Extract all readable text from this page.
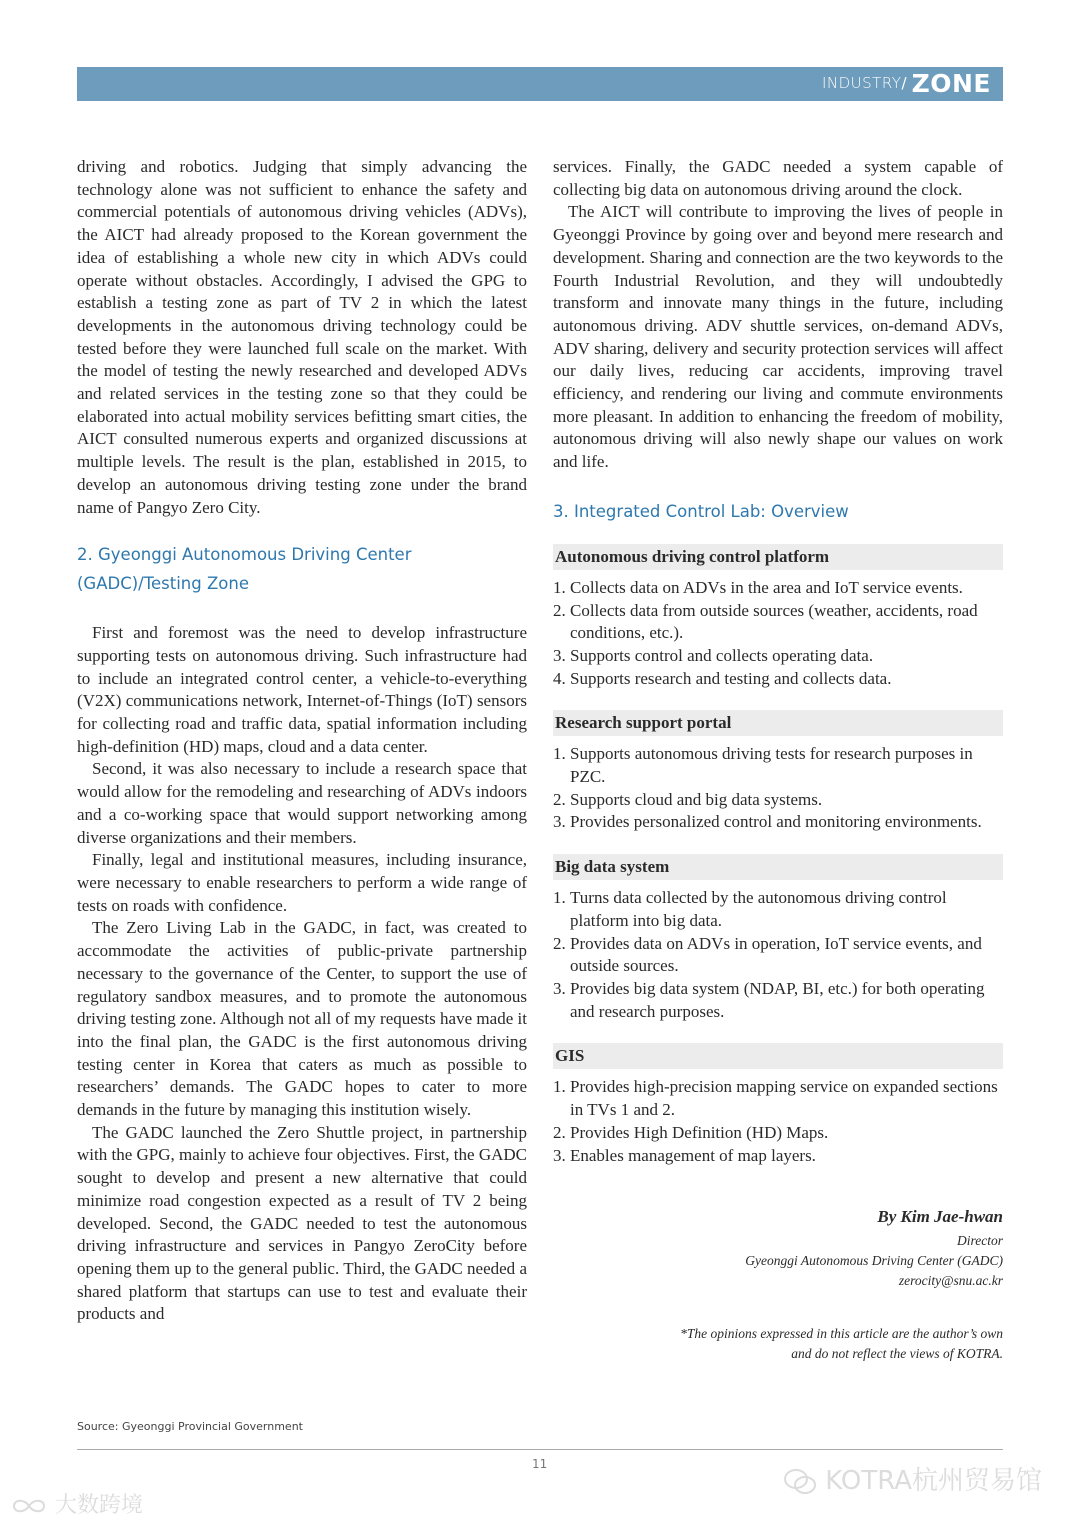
INDUSTRY/ ZONE

driving and robotics. Judging that simply advancing the technology alone was not sufficient to enhance the safety and commercial potentials of autonomous driving vehicles (ADVs), the AICT had already proposed to the Korean government the idea of establishing a whole new city in which ADVs could operate without obstacles. Accordingly, I advised the GPG to establish a testing zone as part of TV 2 in which the latest developments in the autonomous driving technology could be tested before they were launched full scale on the market. With the model of testing the newly researched and developed ADVs and related services in the testing zone so that they could be elaborated into actual mobility services befitting smart cities, the AICT consulted numerous experts and organized discussions at multiple levels. The result is the plan, established in 2015, to develop an autonomous driving testing zone under the brand name of Pangyo Zero City.

2. Gyeonggi Autonomous Driving Center (GADC)/Testing Zone

First and foremost was the need to develop infrastructure supporting tests on autonomous driving. Such infrastructure had to include an integrated control center, a vehicle-to-everything (V2X) communications network, Internet-of-Things (IoT) sensors for collecting road and traffic data, spatial information including high-definition (HD) maps, cloud and a data center.

Second, it was also necessary to include a research space that would allow for the remodeling and researching of ADVs indoors and a co-working space that would support networking among diverse organizations and their members.

Finally, legal and institutional measures, including insurance, were necessary to enable researchers to perform a wide range of tests on roads with confidence.

The Zero Living Lab in the GADC, in fact, was created to accommodate the activities of public-private partnership necessary to the governance of the Center, to support the use of regulatory sandbox measures, and to promote the autonomous driving testing zone. Although not all of my requests have made it into the final plan, the GADC is the first autonomous driving testing center in Korea that caters as much as possible to researchers’ demands. The GADC hopes to cater to more demands in the future by managing this institution wisely.

The GADC launched the Zero Shuttle project, in partnership with the GPG, mainly to achieve four objectives. First, the GADC sought to develop and present a new alternative that could minimize road congestion expected as a result of TV 2 being developed. Second, the GADC needed to test the autonomous driving infrastructure and services in Pangyo ZeroCity before opening them up to the general public. Third, the GADC needed a shared platform that startups can use to test and evaluate their products and

services. Finally, the GADC needed a system capable of collecting big data on autonomous driving around the clock.

The AICT will contribute to improving the lives of people in Gyeonggi Province by going over and beyond mere research and development. Sharing and connection are the two keywords to the Fourth Industrial Revolution, and they will undoubtedly transform and innovate many things in the future, including autonomous driving. ADV shuttle services, on-demand ADVs, ADV sharing, delivery and security protection services will affect our daily lives, reducing car accidents, improving travel efficiency, and rendering our living and commute environments more pleasant. In addition to enhancing the freedom of mobility, autonomous driving will also newly shape our values on work and life.

3. Integrated Control Lab: Overview
Autonomous driving control platform
1. Collects data on ADVs in the area and IoT service events.
2. Collects data from outside sources (weather, accidents, road conditions, etc.).
3. Supports control and collects operating data.
4. Supports research and testing and collects data.
Research support portal
1. Supports autonomous driving tests for research purposes in PZC.
2. Supports cloud and big data systems.
3. Provides personalized control and monitoring environments.
Big data system
1. Turns data collected by the autonomous driving control platform into big data.
2. Provides data on ADVs in operation, IoT service events, and outside sources.
3. Provides big data system (NDAP, BI, etc.) for both operating and research purposes.
GIS
1. Provides high-precision mapping service on expanded sections in TVs 1 and 2.
2. Provides High Definition (HD) Maps.
3. Enables management of map layers.
By Kim Jae-hwan
Director
Gyeonggi Autonomous Driving Center (GADC)
zerocity@snu.ac.kr
*The opinions expressed in this article are the author’s own
and do not reflect the views of KOTRA.
Source: Gyeonggi Provincial Government
11
KOTRA杭州贸易馆
大数跨境
